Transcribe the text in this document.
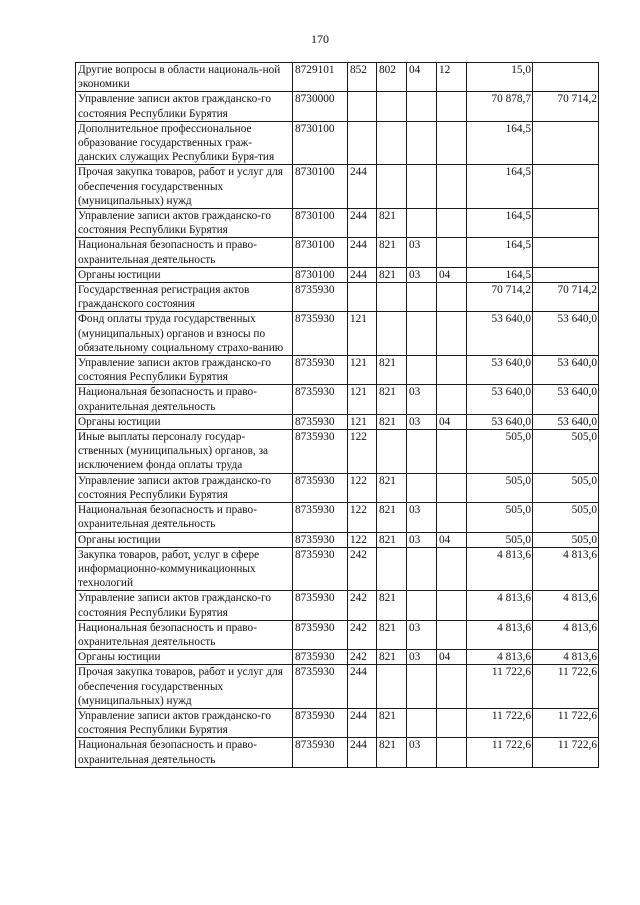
170
Другие вопросы в области националь-ной экономики	8729101	852	802	04	12	15,0	
Управление записи актов гражданско-го состояния Республики Бурятия	8730000					70 878,7	70 714,2
Дополнительное профессиональное образование государственных граж-данских служащих Республики Буря-тия	8730100					164,5	
Прочая закупка товаров, работ и услуг для обеспечения государственных (муниципальных) нужд	8730100	244				164,5	
Управление записи актов гражданско-го состояния Республики Бурятия	8730100	244	821			164,5	
Национальная безопасность и право-охранительная деятельность	8730100	244	821	03		164,5	
Органы юстиции	8730100	244	821	03	04	164,5	
Государственная регистрация актов гражданского состояния	8735930					70 714,2	70 714,2
Фонд оплаты труда государственных (муниципальных) органов и взносы по обязательному социальному страхо-ванию	8735930	121				53 640,0	53 640,0
Управление записи актов гражданско-го состояния Республики Бурятия	8735930	121	821			53 640,0	53 640,0
Национальная безопасность и право-охранительная деятельность	8735930	121	821	03		53 640,0	53 640,0
Органы юстиции	8735930	121	821	03	04	53 640,0	53 640,0
Иные выплаты персоналу государ-ственных (муниципальных) органов, за исключением фонда оплаты труда	8735930	122				505,0	505,0
Управление записи актов гражданско-го состояния Республики Бурятия	8735930	122	821			505,0	505,0
Национальная безопасность и право-охранительная деятельность	8735930	122	821	03		505,0	505,0
Органы юстиции	8735930	122	821	03	04	505,0	505,0
Закупка товаров, работ, услуг в сфере информационно-коммуникационных технологий	8735930	242				4 813,6	4 813,6
Управление записи актов гражданско-го состояния Республики Бурятия	8735930	242	821			4 813,6	4 813,6
Национальная безопасность и право-охранительная деятельность	8735930	242	821	03		4 813,6	4 813,6
Органы юстиции	8735930	242	821	03	04	4 813,6	4 813,6
Прочая закупка товаров, работ и услуг для обеспечения государственных (муниципальных) нужд	8735930	244				11 722,6	11 722,6
Управление записи актов гражданско-го состояния Республики Бурятия	8735930	244	821			11 722,6	11 722,6
Национальная безопасность и право-охранительная деятельность	8735930	244	821	03		11 722,6	11 722,6
